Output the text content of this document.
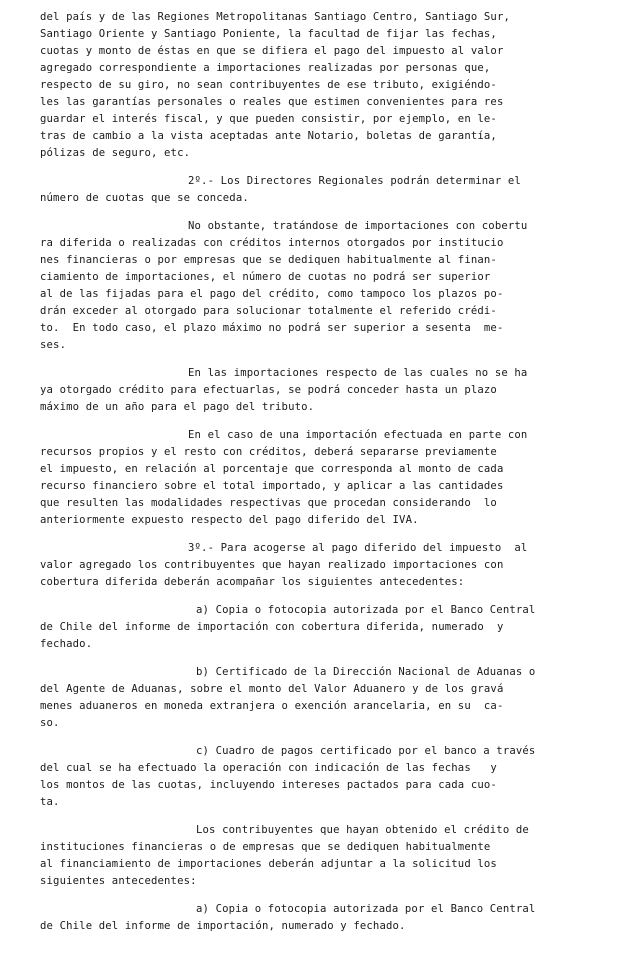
del país y de las Regiones Metropolitanas Santiago Centro, Santiago Sur,
Santiago Oriente y Santiago Poniente, la facultad de fijar las fechas,
cuotas y monto de éstas en que se difiera el pago del impuesto al valor
agregado correspondiente a importaciones realizadas por personas que,
respecto de su giro, no sean contribuyentes de ese tributo, exigiéndo-
les las garantías personales o reales que estimen convenientes para res
guardar el interés fiscal, y que pueden consistir, por ejemplo, en le-
tras de cambio a la vista aceptadas ante Notario, boletas de garantía,
pólizas de seguro, etc.
2º.- Los Directores Regionales podrán determinar el
número de cuotas que se conceda.
No obstante, tratándose de importaciones con cobertu
ra diferida o realizadas con créditos internos otorgados por institucio
nes financieras o por empresas que se dediquen habitualmente al finan-
ciamiento de importaciones, el número de cuotas no podrá ser superior
al de las fijadas para el pago del crédito, como tampoco los plazos po-
drán exceder al otorgado para solucionar totalmente el referido crédi-
to.  En todo caso, el plazo máximo no podrá ser superior a sesenta  me-
ses.
En las importaciones respecto de las cuales no se ha
ya otorgado crédito para efectuarlas, se podrá conceder hasta un plazo
máximo de un año para el pago del tributo.
En el caso de una importación efectuada en parte con
recursos propios y el resto con créditos, deberá separarse previamente
el impuesto, en relación al porcentaje que corresponda al monto de cada
recurso financiero sobre el total importado, y aplicar a las cantidades
que resulten las modalidades respectivas que procedan considerando  lo
anteriormente expuesto respecto del pago diferido del IVA.
3º.- Para acogerse al pago diferido del impuesto  al
valor agregado los contribuyentes que hayan realizado importaciones con
cobertura diferida deberán acompañar los siguientes antecedentes:
a) Copia o fotocopia autorizada por el Banco Central
de Chile del informe de importación con cobertura diferida, numerado  y
fechado.
b) Certificado de la Dirección Nacional de Aduanas o
del Agente de Aduanas, sobre el monto del Valor Aduanero y de los gravá
menes aduaneros en moneda extranjera o exención arancelaria, en su  ca-
so.
c) Cuadro de pagos certificado por el banco a través
del cual se ha efectuado la operación con indicación de las fechas   y
los montos de las cuotas, incluyendo intereses pactados para cada cuo-
ta.
Los contribuyentes que hayan obtenido el crédito de
instituciones financieras o de empresas que se dediquen habitualmente
al financiamiento de importaciones deberán adjuntar a la solicitud los
siguientes antecedentes:
a) Copia o fotocopia autorizada por el Banco Central
de Chile del informe de importación, numerado y fechado.
